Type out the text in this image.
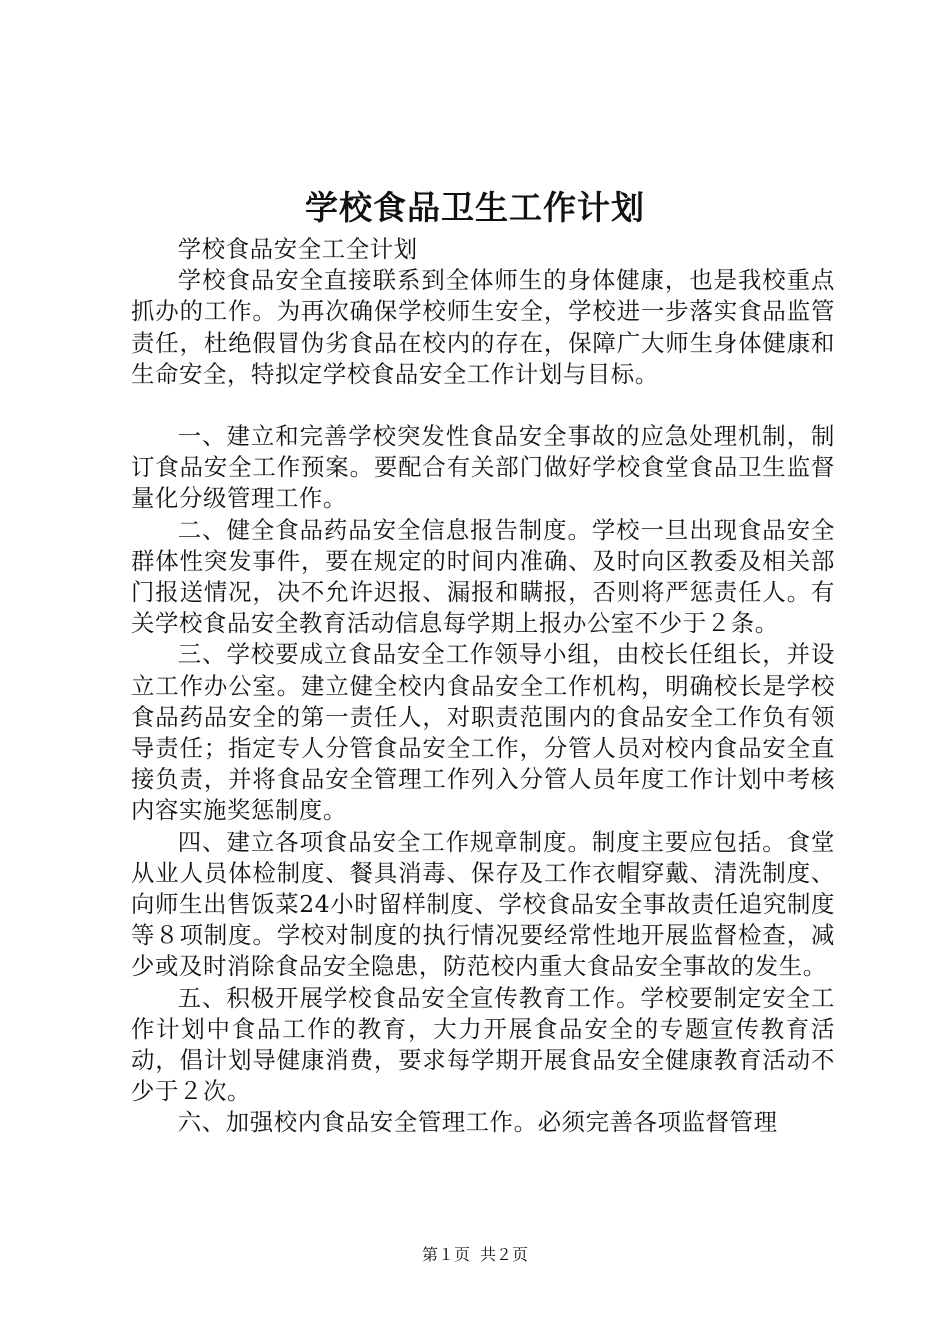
学校食品卫生工作计划

学校食品安全工全计划

学校食品安全直接联系到全体师生的身体健康，也是我校重点抓办的工作。为再次确保学校师生安全，学校进一步落实食品监管责任，杜绝假冒伪劣食品在校内的存在，保障广大师生身体健康和生命安全，特拟定学校食品安全工作计划与目标。

一、建立和完善学校突发性食品安全事故的应急处理机制，制订食品安全工作预案。要配合有关部门做好学校食堂食品卫生监督量化分级管理工作。

二、健全食品药品安全信息报告制度。学校一旦出现食品安全群体性突发事件，要在规定的时间内准确、及时向区教委及相关部门报送情况，决不允许迟报、漏报和瞒报，否则将严惩责任人。有关学校食品安全教育活动信息每学期上报办公室不少于２条。

三、学校要成立食品安全工作领导小组，由校长任组长，并设立工作办公室。建立健全校内食品安全工作机构，明确校长是学校食品药品安全的第一责任人，对职责范围内的食品安全工作负有领导责任；指定专人分管食品安全工作，分管人员对校内食品安全直接负责，并将食品安全管理工作列入分管人员年度工作计划中考核内容实施奖惩制度。

四、建立各项食品安全工作规章制度。制度主要应包括。食堂从业人员体检制度、餐具消毒、保存及工作衣帽穿戴、清洗制度、向师生出售饭菜24小时留样制度、学校食品安全事故责任追究制度等８项制度。学校对制度的执行情况要经常性地开展监督检查，减少或及时消除食品安全隐患，防范校内重大食品安全事故的发生。

五、积极开展学校食品安全宣传教育工作。学校要制定安全工作计划中食品工作的教育，大力开展食品安全的专题宣传教育活动，倡计划导健康消费，要求每学期开展食品安全健康教育活动不少于２次。

六、加强校内食品安全管理工作。必须完善各项监督管理

第１页 共２页
